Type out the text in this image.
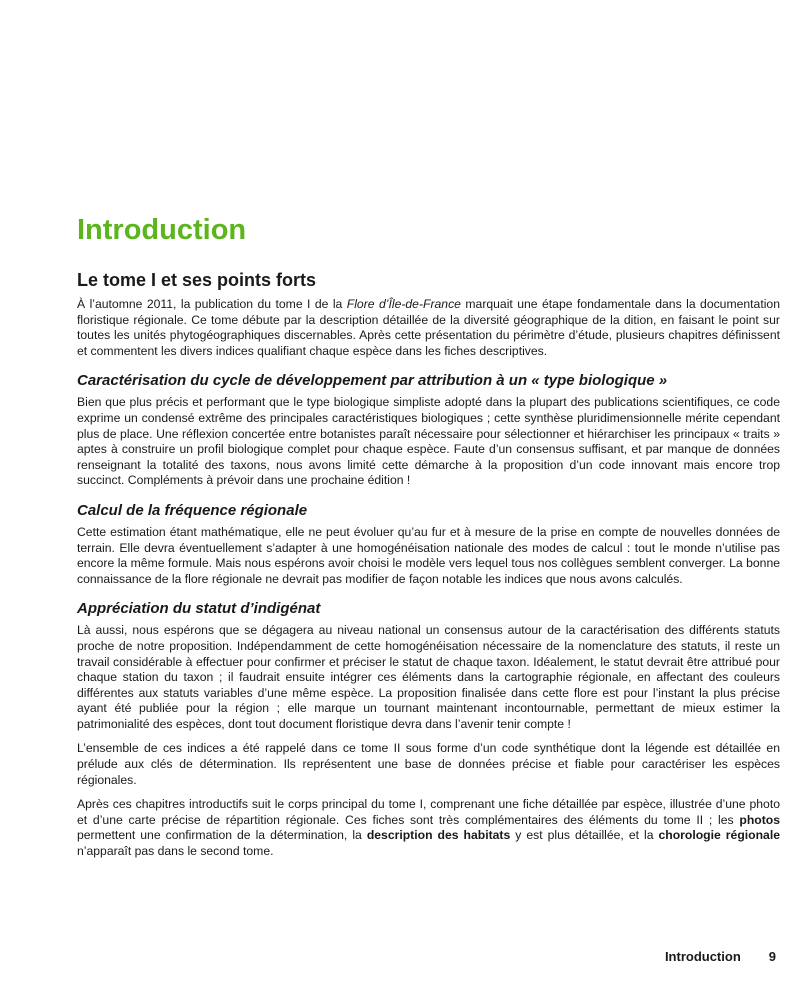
Introduction
Le tome I et ses points forts

À l’automne 2011, la publication du tome I de la Flore d’Île-de-France marquait une étape fondamentale dans la documentation floristique régionale. Ce tome débute par la description détaillée de la diversité géographique de la dition, en faisant le point sur toutes les unités phytogéographiques discernables. Après cette présentation du périmètre d’étude, plusieurs chapitres définissent et commentent les divers indices qualifiant chaque espèce dans les fiches descriptives.

Caractérisation du cycle de développement par attribution à un « type biologique »

Bien que plus précis et performant que le type biologique simpliste adopté dans la plupart des publications scientifiques, ce code exprime un condensé extrême des principales caractéristiques biologiques ; cette synthèse pluridimensionnelle mérite cependant plus de place. Une réflexion concertée entre botanistes paraît nécessaire pour sélectionner et hiérarchiser les principaux « traits » aptes à construire un profil biologique complet pour chaque espèce. Faute d’un consensus suffisant, et par manque de données renseignant la totalité des taxons, nous avons limité cette démarche à la proposition d’un code innovant mais encore trop succinct. Compléments à prévoir dans une prochaine édition !

Calcul de la fréquence régionale

Cette estimation étant mathématique, elle ne peut évoluer qu’au fur et à mesure de la prise en compte de nouvelles données de terrain. Elle devra éventuellement s’adapter à une homogénéisation nationale des modes de calcul : tout le monde n’utilise pas encore la même formule. Mais nous espérons avoir choisi le modèle vers lequel tous nos collègues semblent converger. La bonne connaissance de la flore régionale ne devrait pas modifier de façon notable les indices que nous avons calculés.

Appréciation du statut d’indigénat

Là aussi, nous espérons que se dégagera au niveau national un consensus autour de la caractérisation des différents statuts proche de notre proposition. Indépendamment de cette homogénéisation nécessaire de la nomenclature des statuts, il reste un travail considérable à effectuer pour confirmer et préciser le statut de chaque taxon. Idéalement, le statut devrait être attribué pour chaque station du taxon ; il faudrait ensuite intégrer ces éléments dans la cartographie régionale, en affectant des couleurs différentes aux statuts variables d’une même espèce. La proposition finalisée dans cette flore est pour l’instant la plus précise ayant été publiée pour la région ; elle marque un tournant maintenant incontournable, permettant de mieux estimer la patrimonialité des espèces, dont tout document floristique devra dans l’avenir tenir compte !

L’ensemble de ces indices a été rappelé dans ce tome II sous forme d’un code synthétique dont la légende est détaillée en prélude aux clés de détermination. Ils représentent une base de données précise et fiable pour caractériser les espèces régionales.

Après ces chapitres introductifs suit le corps principal du tome I, comprenant une fiche détaillée par espèce, illustrée d’une photo et d’une carte précise de répartition régionale. Ces fiches sont très complémentaires des éléments du tome II ; les photos permettent une confirmation de la détermination, la description des habitats y est plus détaillée, et la chorologie régionale n’apparaît pas dans le second tome.

Introduction 9
